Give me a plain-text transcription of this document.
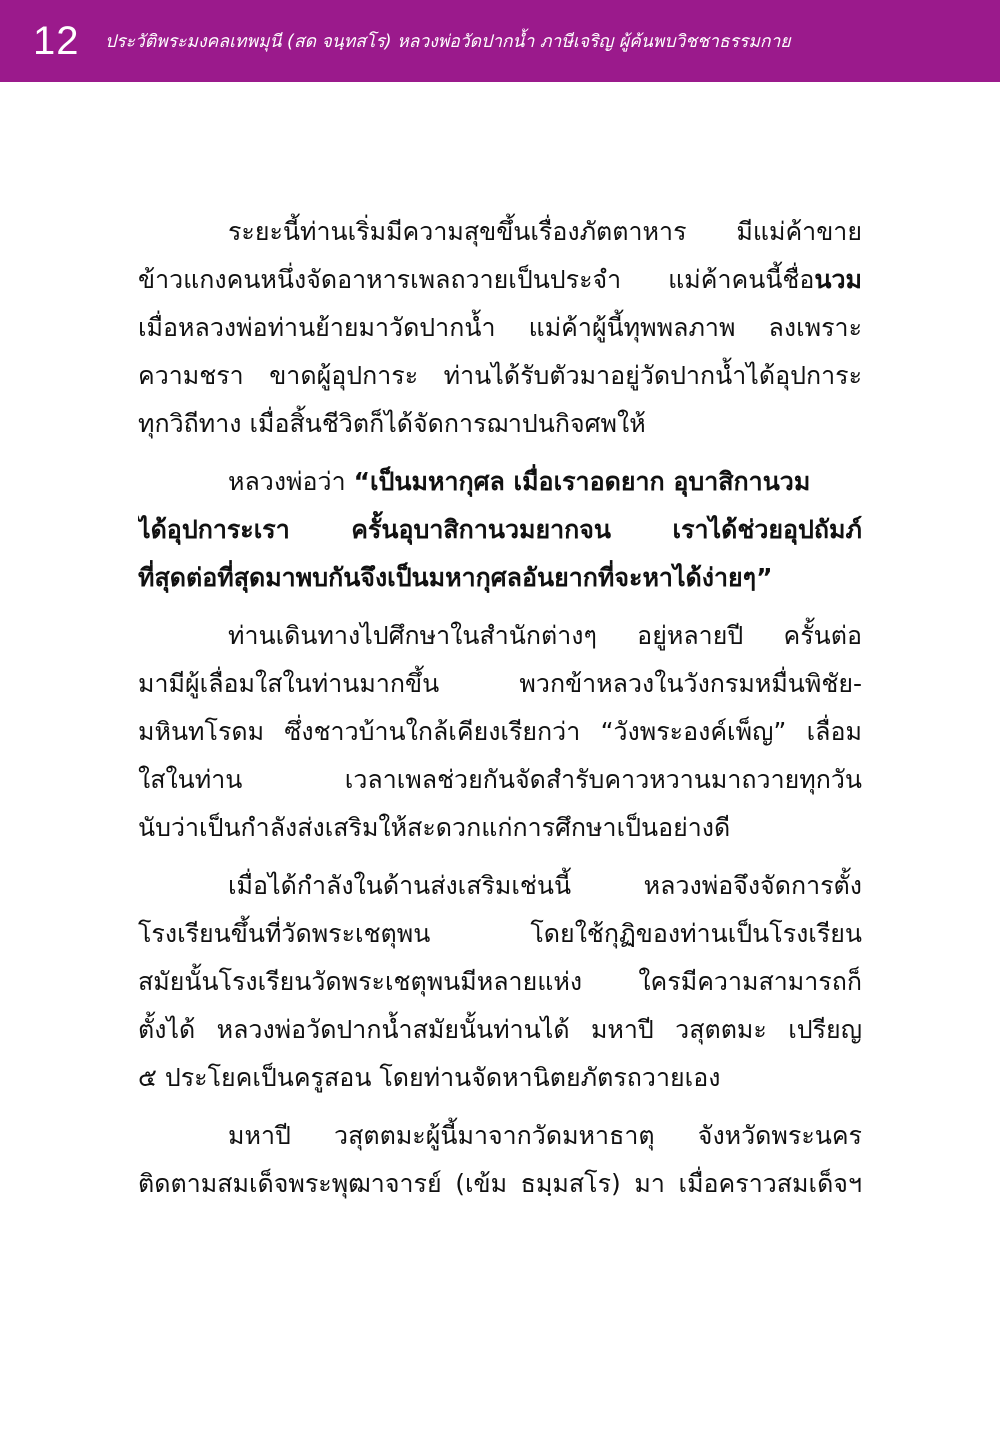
12	ประวัติพระมงคลเทพมุนี (สด จนฺทสโร) หลวงพ่อวัดปากน้ำ ภาษีเจริญ ผู้ค้นพบวิชชาธรรมกาย
ระยะนี้ท่านเริ่มมีความสุขขึ้นเรื่องภัตตาหาร มีแม่ค้าขาย
ข้าวแกงคนหนึ่งจัดอาหารเพลถวายเป็นประจำ แม่ค้าคนนี้ชื่อนวม
เมื่อหลวงพ่อท่านย้ายมาวัดปากน้ำ แม่ค้าผู้นี้ทุพพลภาพ ลงเพราะ
ความชรา ขาดผู้อุปการะ ท่านได้รับตัวมาอยู่วัดปากน้ำได้อุปการะ
ทุกวิถีทาง เมื่อสิ้นชีวิตก็ได้จัดการฌาปนกิจศพให้
หลวงพ่อว่า “เป็นมหากุศล เมื่อเราอดยาก อุบาสิกานวม
ได้อุปการะเรา ครั้นอุบาสิกานวมยากจน เราได้ช่วยอุปถัมภ์
ที่สุดต่อที่สุดมาพบกันจึงเป็นมหากุศลอันยากที่จะหาได้ง่ายๆ”
ท่านเดินทางไปศึกษาในสำนักต่างๆ อยู่หลายปี ครั้นต่อ
มามีผู้เลื่อมใสในท่านมากขึ้น พวกข้าหลวงในวังกรมหมื่นพิชัย-
มหินทโรดม ซึ่งชาวบ้านใกล้เคียงเรียกว่า “วังพระองค์เพ็ญ” เลื่อม
ใสในท่าน เวลาเพลช่วยกันจัดสำรับคาวหวานมาถวายทุกวัน
นับว่าเป็นกำลังส่งเสริมให้สะดวกแก่การศึกษาเป็นอย่างดี
เมื่อได้กำลังในด้านส่งเสริมเช่นนี้ หลวงพ่อจึงจัดการตั้ง
โรงเรียนขึ้นที่วัดพระเชตุพน โดยใช้กุฏิของท่านเป็นโรงเรียน
สมัยนั้นโรงเรียนวัดพระเชตุพนมีหลายแห่ง ใครมีความสามารถก็
ตั้งได้ หลวงพ่อวัดปากน้ำสมัยนั้นท่านได้ มหาปี วสุตตมะ เปรียญ
๕ ประโยคเป็นครูสอน โดยท่านจัดหานิตยภัตรถวายเอง
มหาปี วสุตตมะผู้นี้มาจากวัดมหาธาตุ จังหวัดพระนคร
ติดตามสมเด็จพระพุฒาจารย์ (เข้ม ธมฺมสโร) มา เมื่อคราวสมเด็จฯ
